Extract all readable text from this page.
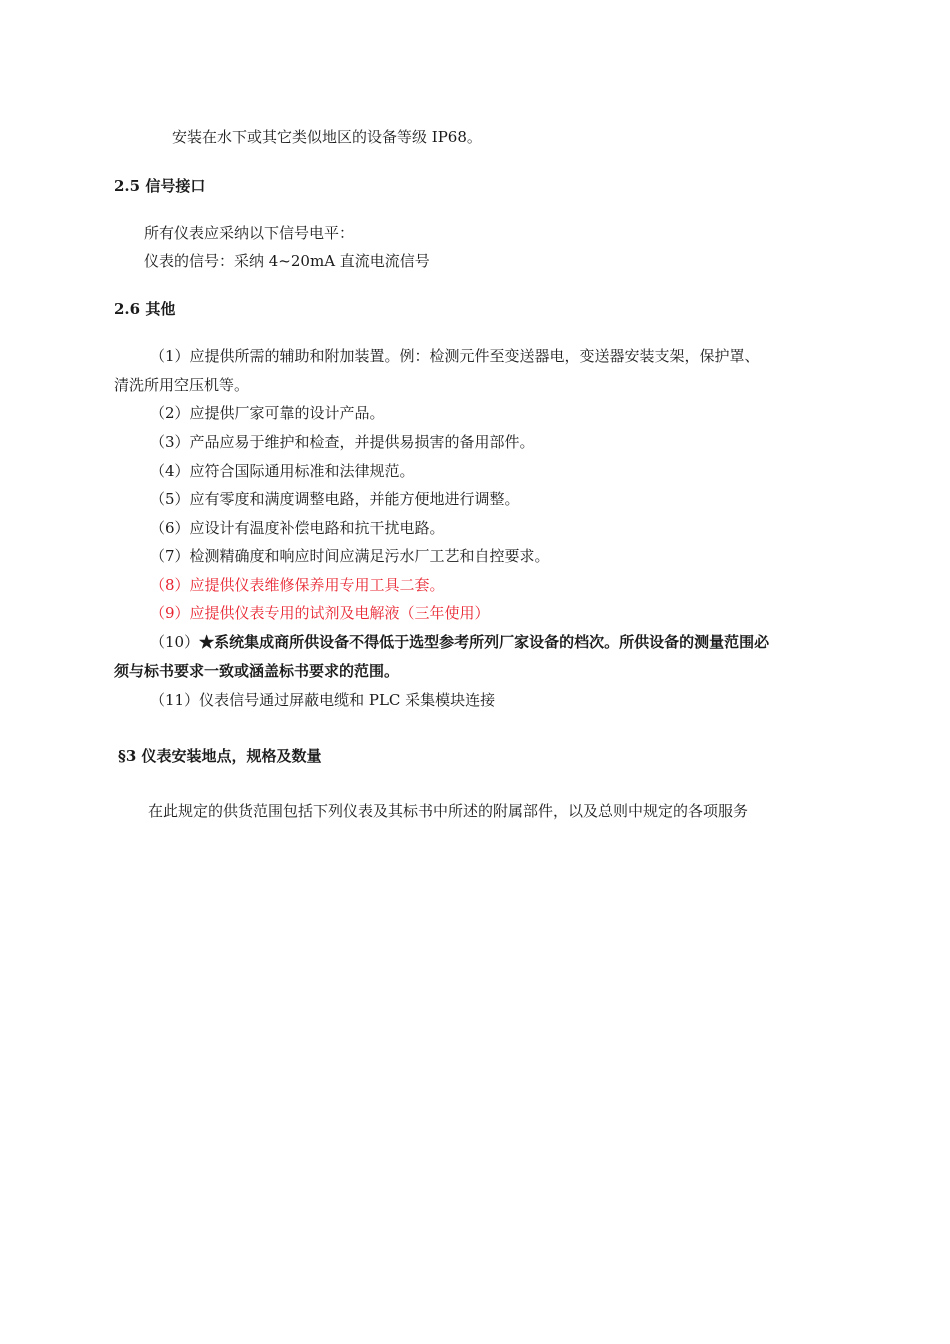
安装在水下或其它类似地区的设备等级 IP68。
2.5 信号接口
所有仪表应采纳以下信号电平：
仪表的信号：采纳 4~20mA 直流电流信号
2.6 其他
（1）应提供所需的辅助和附加装置。例：检测元件至变送器电，变送器安装支架，保护罩、
清洗所用空压机等。
（2）应提供厂家可靠的设计产品。
（3）产品应易于维护和检查，并提供易损害的备用部件。
（4）应符合国际通用标准和法律规范。
（5）应有零度和满度调整电路，并能方便地进行调整。
（6）应设计有温度补偿电路和抗干扰电路。
（7）检测精确度和响应时间应满足污水厂工艺和自控要求。
（8）应提供仪表维修保养用专用工具二套。
（9）应提供仪表专用的试剂及电解液（三年使用）
（10）★系统集成商所供设备不得低于选型参考所列厂家设备的档次。所供设备的测量范围必
须与标书要求一致或涵盖标书要求的范围。
（11）仪表信号通过屏蔽电缆和 PLC 采集模块连接
§3 仪表安装地点，规格及数量
在此规定的供货范围包括下列仪表及其标书中所述的附属部件，以及总则中规定的各项服务
